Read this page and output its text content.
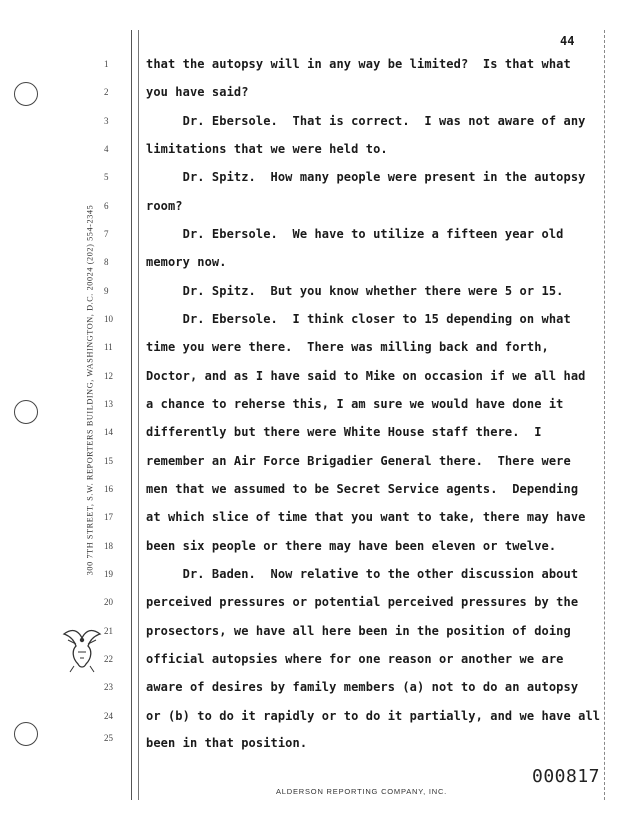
300 7TH STREET, S.W. REPORTERS BUILDING, WASHINGTON, D.C. 20024 (202) 554-2345
44
1
2
3
4
5
6
7
8
9
10
11
12
13
14
15
16
17
18
19
20
21
22
23
24
25
that the autopsy will in any way be limited?  Is that what
you have said?
Dr. Ebersole.  That is correct.  I was not aware of any
limitations that we were held to.
Dr. Spitz.  How many people were present in the autopsy
room?
Dr. Ebersole.  We have to utilize a fifteen year old
memory now.
Dr. Spitz.  But you know whether there were 5 or 15.
Dr. Ebersole.  I think closer to 15 depending on what
time you were there.  There was milling back and forth,
Doctor, and as I have said to Mike on occasion if we all had
a chance to reherse this, I am sure we would have done it
differently but there were White House staff there.  I
remember an Air Force Brigadier General there.  There were
men that we assumed to be Secret Service agents.  Depending
at which slice of time that you want to take, there may have
been six people or there may have been eleven or twelve.
Dr. Baden.  Now relative to the other discussion about
perceived pressures or potential perceived pressures by the
prosectors, we have all here been in the position of doing
official autopsies where for one reason or another we are
aware of desires by family members (a) not to do an autopsy
or (b) to do it rapidly or to do it partially, and we have all
been in that position.
ALDERSON REPORTING COMPANY, INC.
000817
